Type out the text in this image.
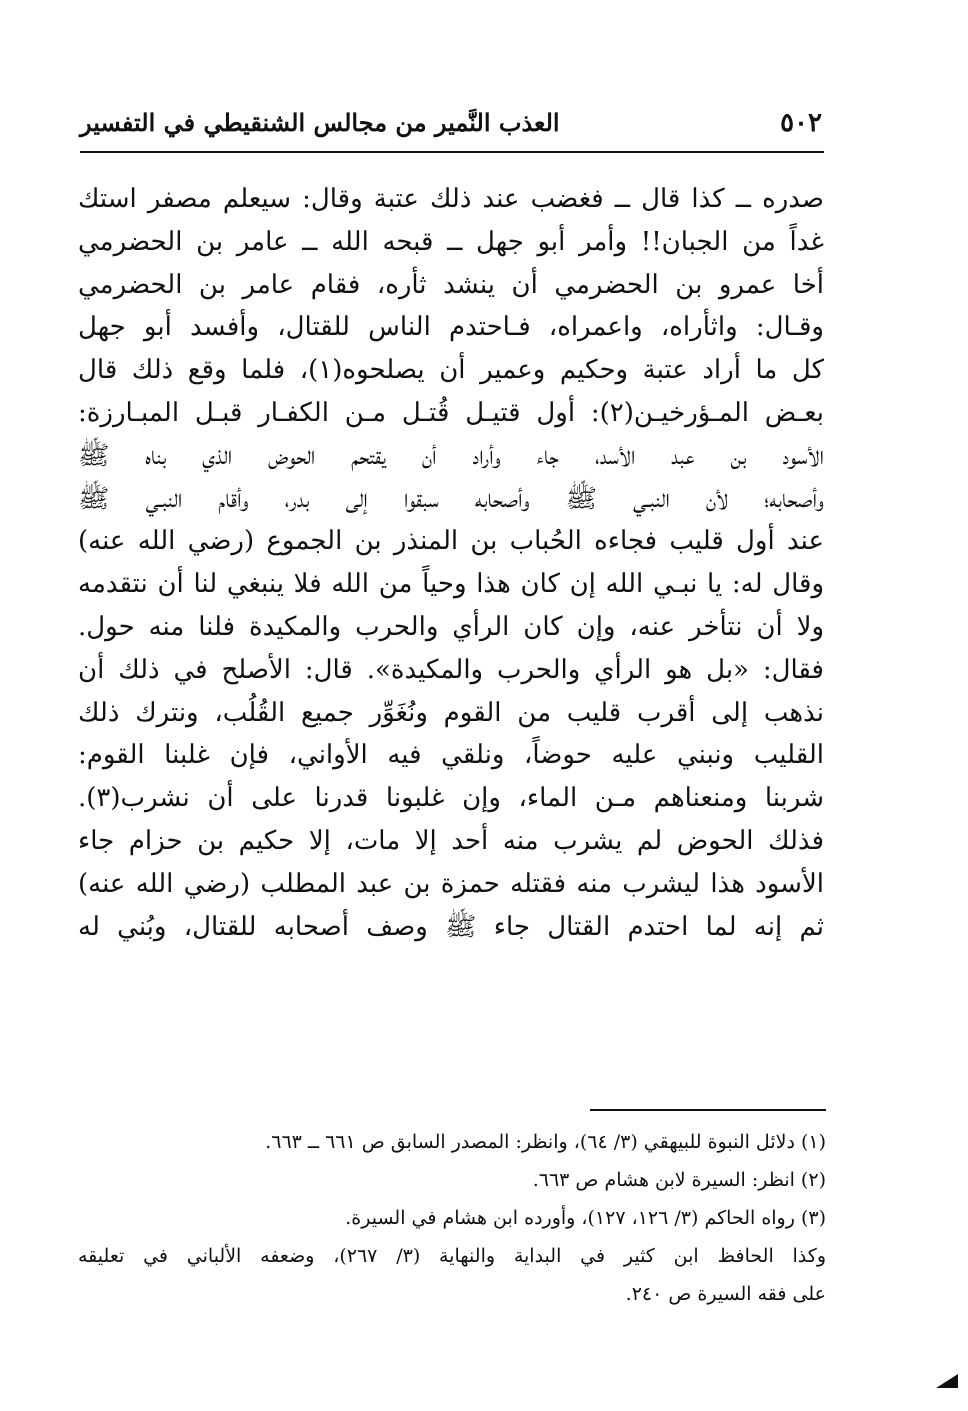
٥٠٢
العذب النَّمير من مجالس الشنقيطي في التفسير
صدره ــ كذا قال ــ فغضب عند ذلك عتبة وقال: سيعلم مصفر استك
غداً من الجبان!! وأمر أبو جهل ــ قبحه الله ــ عامر بن الحضرمي
أخا عمرو بن الحضرمي أن ينشد ثأره، فقام عامر بن الحضرمي
وقـال: واثأراه، واعمراه، فـاحتدم الناس للقتال، وأفسد أبو جهل
كل ما أراد عتبة وحكيم وعمير أن يصلحوه(١)، فلما وقع ذلك قال
بعـض المـؤرخيـن(٢): أول قتيـل قُتـل مـن الكفـار قبـل المبـارزة:
الأسود بن عبد الأسد، جاء وأراد أن يقتحم الحوض الذي بناه ﷺ
وأصحابه؛ لأن النبـي ﷺ وأصحابه سبقوا إلى بدر، وأقام النبـي ﷺ
عند أول قليب فجاءه الحُباب بن المنذر بن الجموع (رضي الله عنه)
وقال له: يا نبـي الله إن كان هذا وحياً من الله فلا ينبغي لنا أن نتقدمه
ولا أن نتأخر عنه، وإن كان الرأي والحرب والمكيدة فلنا منه حول.
فقال: «بل هو الرأي والحرب والمكيدة». قال: الأصلح في ذلك أن
نذهب إلى أقرب قليب من القوم ونُغَوِّر جميع القُلُب، ونترك ذلك
القليب ونبني عليه حوضاً، ونلقي فيه الأواني، فإن غلبنا القوم:
شربنا ومنعناهم مـن الماء، وإن غلبونا قدرنا على أن نشرب(٣).
فذلك الحوض لم يشرب منه أحد إلا مات، إلا حكيم بن حزام جاء
الأسود هذا ليشرب منه فقتله حمزة بن عبد المطلب (رضي الله عنه)
ثم إنه لما احتدم القتال جاء ﷺ وصف أصحابه للقتال، وبُني له
(١) دلائل النبوة للبيهقي (٣/ ٦٤)، وانظر: المصدر السابق ص ٦٦١ ــ ٦٦٣.
(٢) انظر: السيرة لابن هشام ص ٦٦٣.
(٣) رواه الحاكم (٣/ ١٢٦، ١٢٧)، وأورده ابن هشام في السيرة.
وكذا الحافظ ابن كثير في البداية والنهاية (٣/ ٢٦٧)، وضعفه الألباني في تعليقه
على فقه السيرة ص ٢٤٠.
